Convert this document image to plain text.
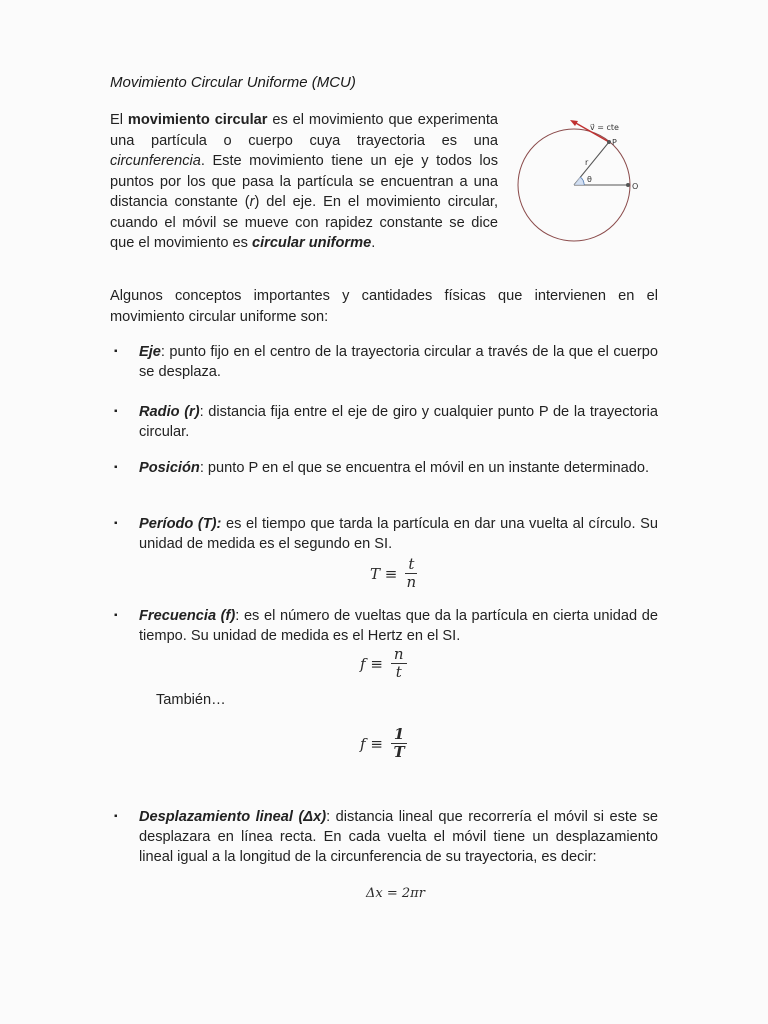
Movimiento Circular Uniforme (MCU)
El movimiento circular es el movimiento que experimenta una partícula o cuerpo cuya trayectoria es una circunferencia. Este movimiento tiene un eje y todos los puntos por los que pasa la partícula se encuentran a una distancia constante (r) del eje. En el movimiento circular, cuando el móvil se mueve con rapidez constante se dice que el movimiento es circular uniforme.
v⃗ = cte
P
r
θ
O
Algunos conceptos importantes y cantidades físicas que intervienen en el movimiento circular uniforme son:
▪ Eje: punto fijo en el centro de la trayectoria circular a través de la que el cuerpo se desplaza.
▪ Radio (r): distancia fija entre el eje de giro y cualquier punto P de la trayectoria circular.
▪ Posición: punto P en el que se encuentra el móvil en un instante determinado.
▪ Período (T): es el tiempo que tarda la partícula en dar una vuelta al círculo. Su unidad de medida es el segundo en SI.
$T \equiv \frac{t}{n}$
▪ Frecuencia (f): es el número de vueltas que da la partícula en cierta unidad de tiempo. Su unidad de medida es el Hertz en el SI.
$f \equiv \frac{n}{t}$
También…
$f \equiv \frac{1}{T}$
▪ Desplazamiento lineal (Δx): distancia lineal que recorrería el móvil si este se desplazara en línea recta. En cada vuelta el móvil tiene un desplazamiento lineal igual a la longitud de la circunferencia de su trayectoria, es decir:
Δx = 2πr
